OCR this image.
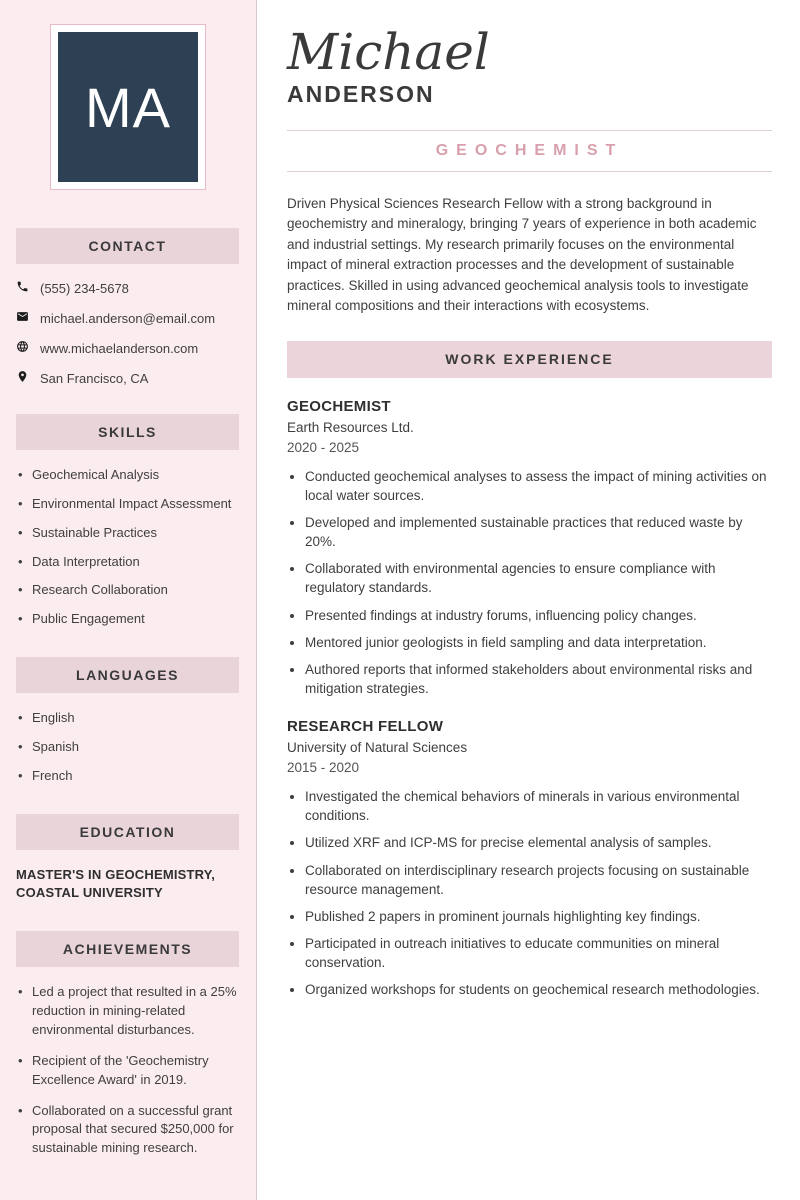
MA
CONTACT
(555) 234-5678
michael.anderson@email.com
www.michaelanderson.com
San Francisco, CA
SKILLS
• Geochemical Analysis
• Environmental Impact Assessment
• Sustainable Practices
• Data Interpretation
• Research Collaboration
• Public Engagement
LANGUAGES
• English
• Spanish
• French
EDUCATION
MASTER'S IN GEOCHEMISTRY,
COASTAL UNIVERSITY
ACHIEVEMENTS
• Led a project that resulted in a 25% reduction in mining-related environmental disturbances.
• Recipient of the 'Geochemistry Excellence Award' in 2019.
• Collaborated on a successful grant proposal that secured $250,000 for sustainable mining research.
Michael
ANDERSON
GEOCHEMIST

Driven Physical Sciences Research Fellow with a strong background in geochemistry and mineralogy, bringing 7 years of experience in both academic and industrial settings. My research primarily focuses on the environmental impact of mineral extraction processes and the development of sustainable practices. Skilled in using advanced geochemical analysis tools to investigate mineral compositions and their interactions with ecosystems.

WORK EXPERIENCE
GEOCHEMIST
Earth Resources Ltd.
2020 - 2025
• Conducted geochemical analyses to assess the impact of mining activities on local water sources.
• Developed and implemented sustainable practices that reduced waste by 20%.
• Collaborated with environmental agencies to ensure compliance with regulatory standards.
• Presented findings at industry forums, influencing policy changes.
• Mentored junior geologists in field sampling and data interpretation.
• Authored reports that informed stakeholders about environmental risks and mitigation strategies.
RESEARCH FELLOW
University of Natural Sciences
2015 - 2020
• Investigated the chemical behaviors of minerals in various environmental conditions.
• Utilized XRF and ICP-MS for precise elemental analysis of samples.
• Collaborated on interdisciplinary research projects focusing on sustainable resource management.
• Published 2 papers in prominent journals highlighting key findings.
• Participated in outreach initiatives to educate communities on mineral conservation.
• Organized workshops for students on geochemical research methodologies.
